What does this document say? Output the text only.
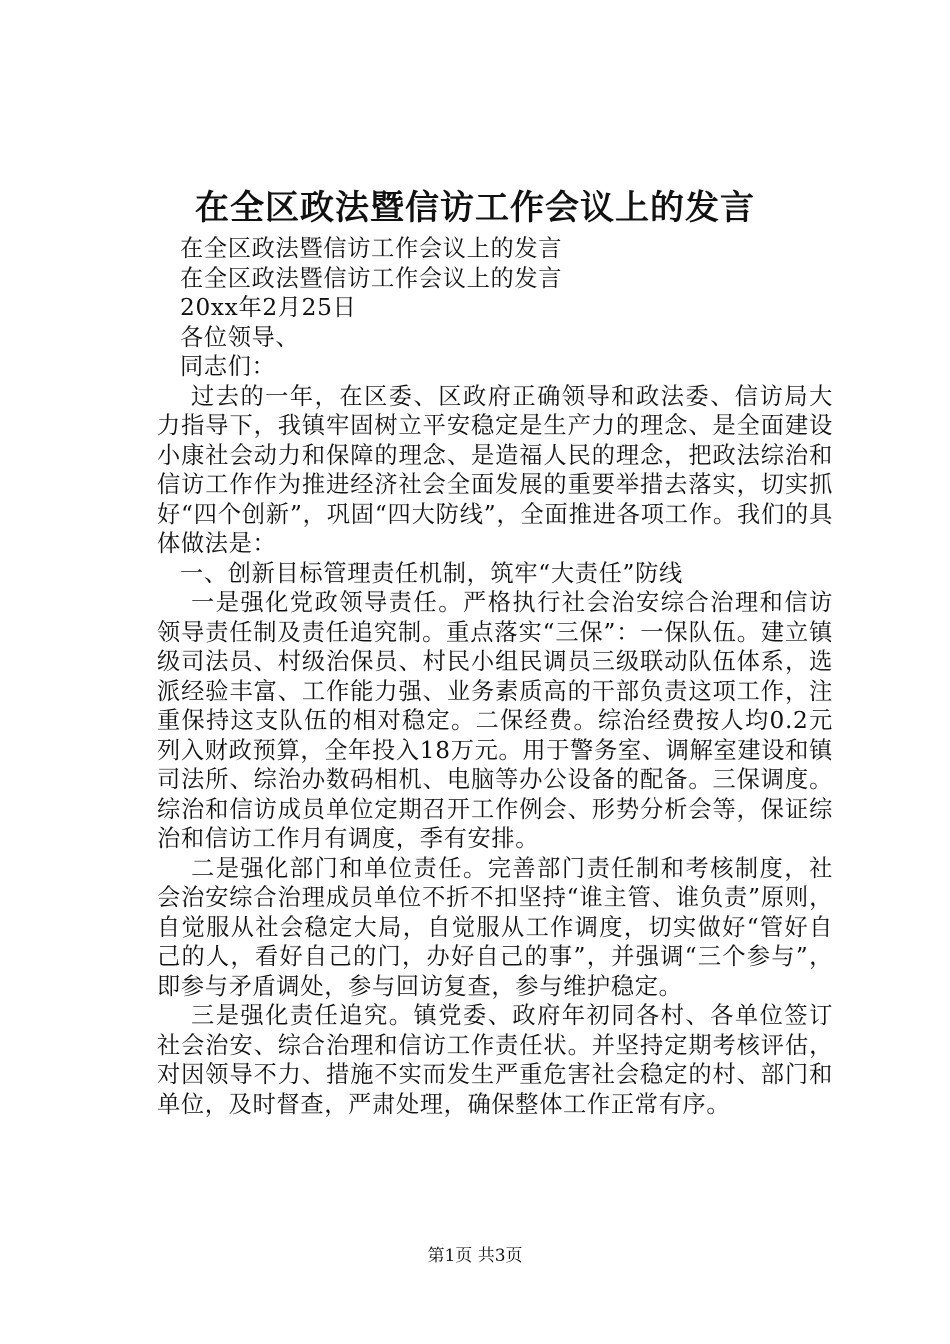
在全区政法暨信访工作会议上的发言
在全区政法暨信访工作会议上的发言
在全区政法暨信访工作会议上的发言
20xx年2月25日
各位领导、
同志们：
过去的一年，在区委、区政府正确领导和政法委、信访局大力指导下，我镇牢固树立平安稳定是生产力的理念、是全面建设小康社会动力和保障的理念、是造福人民的理念，把政法综治和信访工作作为推进经济社会全面发展的重要举措去落实，切实抓好“四个创新”，巩固“四大防线”，全面推进各项工作。我们的具体做法是：
一、创新目标管理责任机制，筑牢“大责任”防线
一是强化党政领导责任。严格执行社会治安综合治理和信访领导责任制及责任追究制。重点落实“三保”：一保队伍。建立镇级司法员、村级治保员、村民小组民调员三级联动队伍体系，选派经验丰富、工作能力强、业务素质高的干部负责这项工作，注重保持这支队伍的相对稳定。二保经费。综治经费按人均0.2元列入财政预算，全年投入18万元。用于警务室、调解室建设和镇司法所、综治办数码相机、电脑等办公设备的配备。三保调度。综治和信访成员单位定期召开工作例会、形势分析会等，保证综治和信访工作月有调度，季有安排。
二是强化部门和单位责任。完善部门责任制和考核制度，社会治安综合治理成员单位不折不扣坚持“谁主管、谁负责”原则，自觉服从社会稳定大局，自觉服从工作调度，切实做好“管好自己的人，看好自己的门，办好自己的事”，并强调“三个参与”，即参与矛盾调处，参与回访复查，参与维护稳定。
三是强化责任追究。镇党委、政府年初同各村、各单位签订社会治安、综合治理和信访工作责任状。并坚持定期考核评估，对因领导不力、措施不实而发生严重危害社会稳定的村、部门和单位，及时督查，严肃处理，确保整体工作正常有序。
第1页 共3页
